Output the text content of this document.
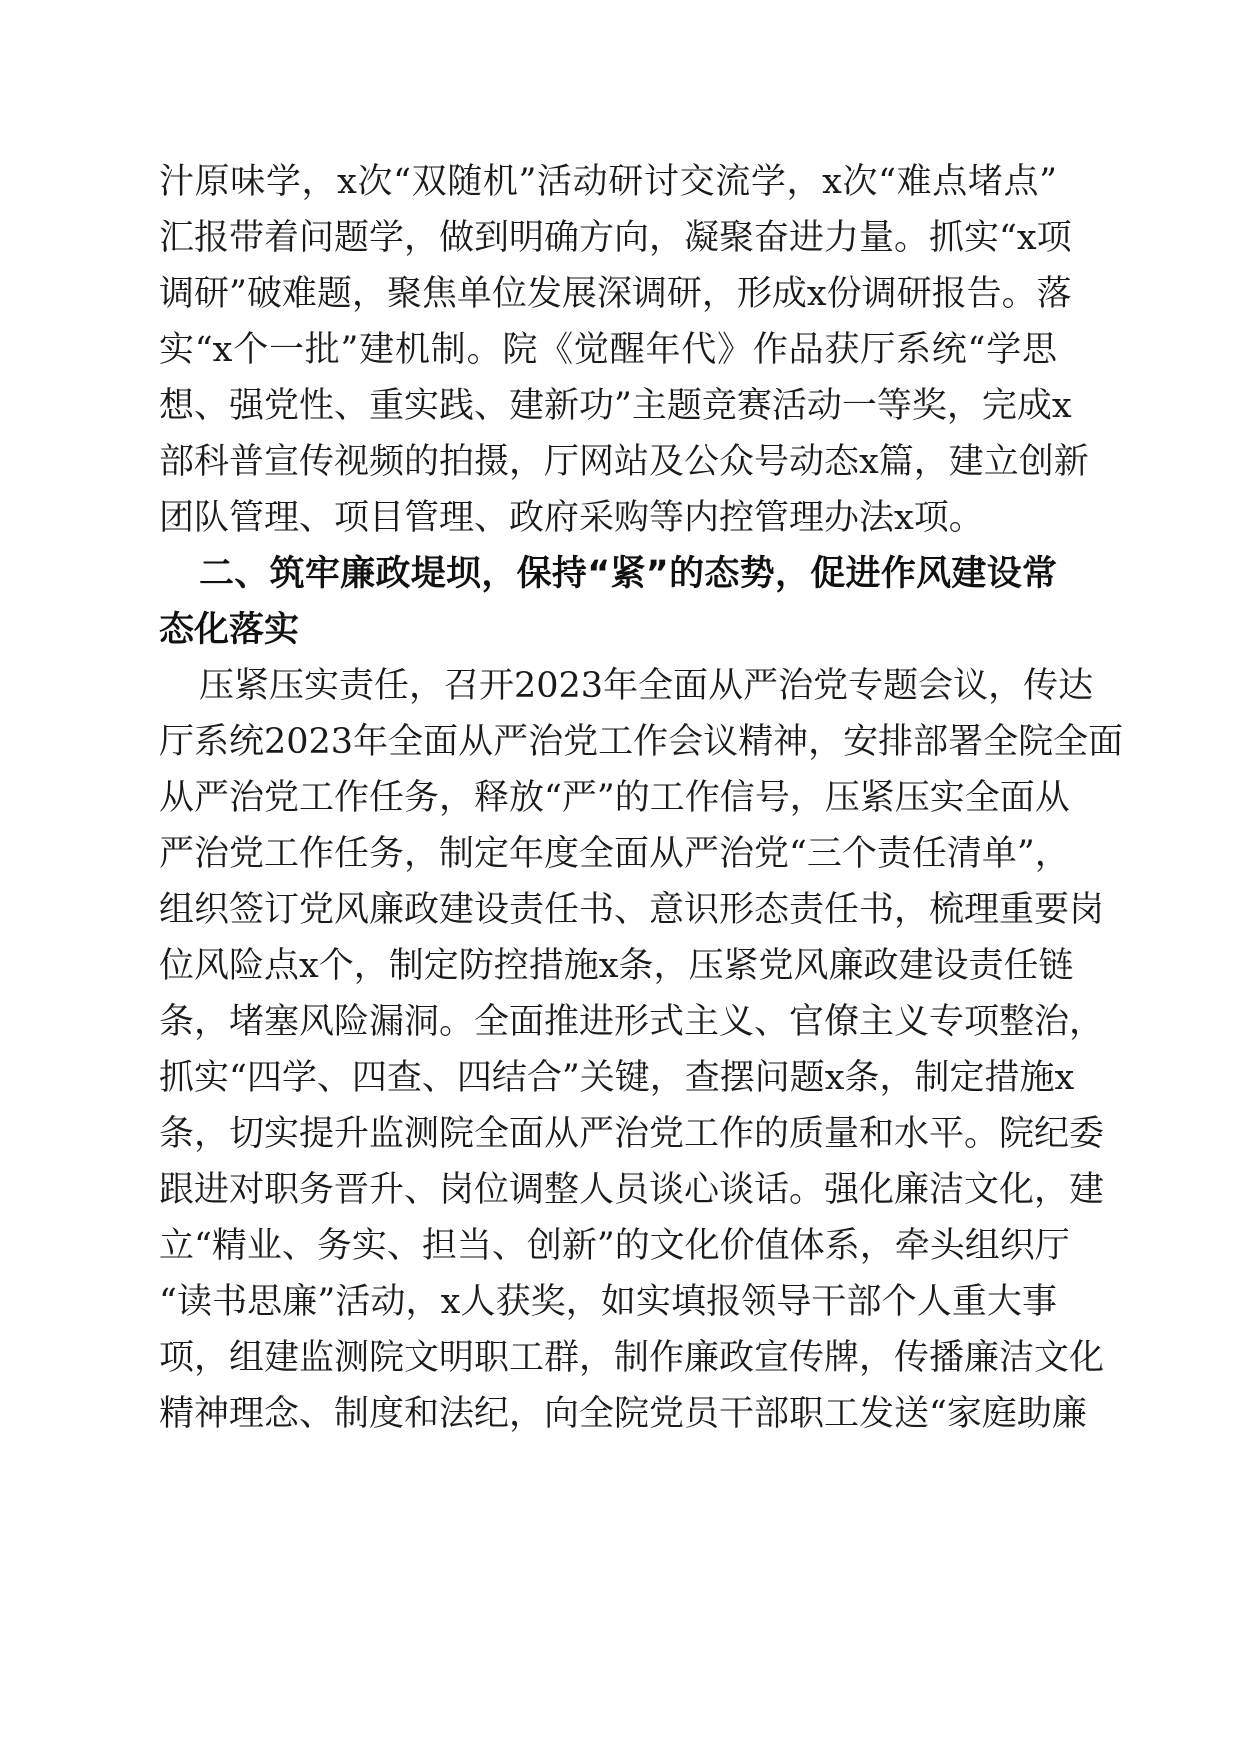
汁原味学，x次“双随机”活动研讨交流学，x次“难点堵点”

汇报带着问题学，做到明确方向，凝聚奋进力量。抓实“x项

调研”破难题，聚焦单位发展深调研，形成x份调研报告。落

实“x个一批”建机制。院《觉醒年代》作品获厅系统“学思

想、强党性、重实践、建新功”主题竞赛活动一等奖，完成x

部科普宣传视频的拍摄，厅网站及公众号动态x篇，建立创新

团队管理、项目管理、政府采购等内控管理办法x项。

二、筑牢廉政堤坝，保持“紧”的态势，促进作风建设常

态化落实

压紧压实责任，召开2023年全面从严治党专题会议，传达

厅系统2023年全面从严治党工作会议精神，安排部署全院全面

从严治党工作任务，释放“严”的工作信号，压紧压实全面从

严治党工作任务，制定年度全面从严治党“三个责任清单”，

组织签订党风廉政建设责任书、意识形态责任书，梳理重要岗

位风险点x个，制定防控措施x条，压紧党风廉政建设责任链

条，堵塞风险漏洞。全面推进形式主义、官僚主义专项整治，

抓实“四学、四查、四结合”关键，查摆问题x条，制定措施x

条，切实提升监测院全面从严治党工作的质量和水平。院纪委

跟进对职务晋升、岗位调整人员谈心谈话。强化廉洁文化，建

立“精业、务实、担当、创新”的文化价值体系，牵头组织厅

“读书思廉”活动，x人获奖，如实填报领导干部个人重大事

项，组建监测院文明职工群，制作廉政宣传牌，传播廉洁文化

精神理念、制度和法纪，向全院党员干部职工发送“家庭助廉
